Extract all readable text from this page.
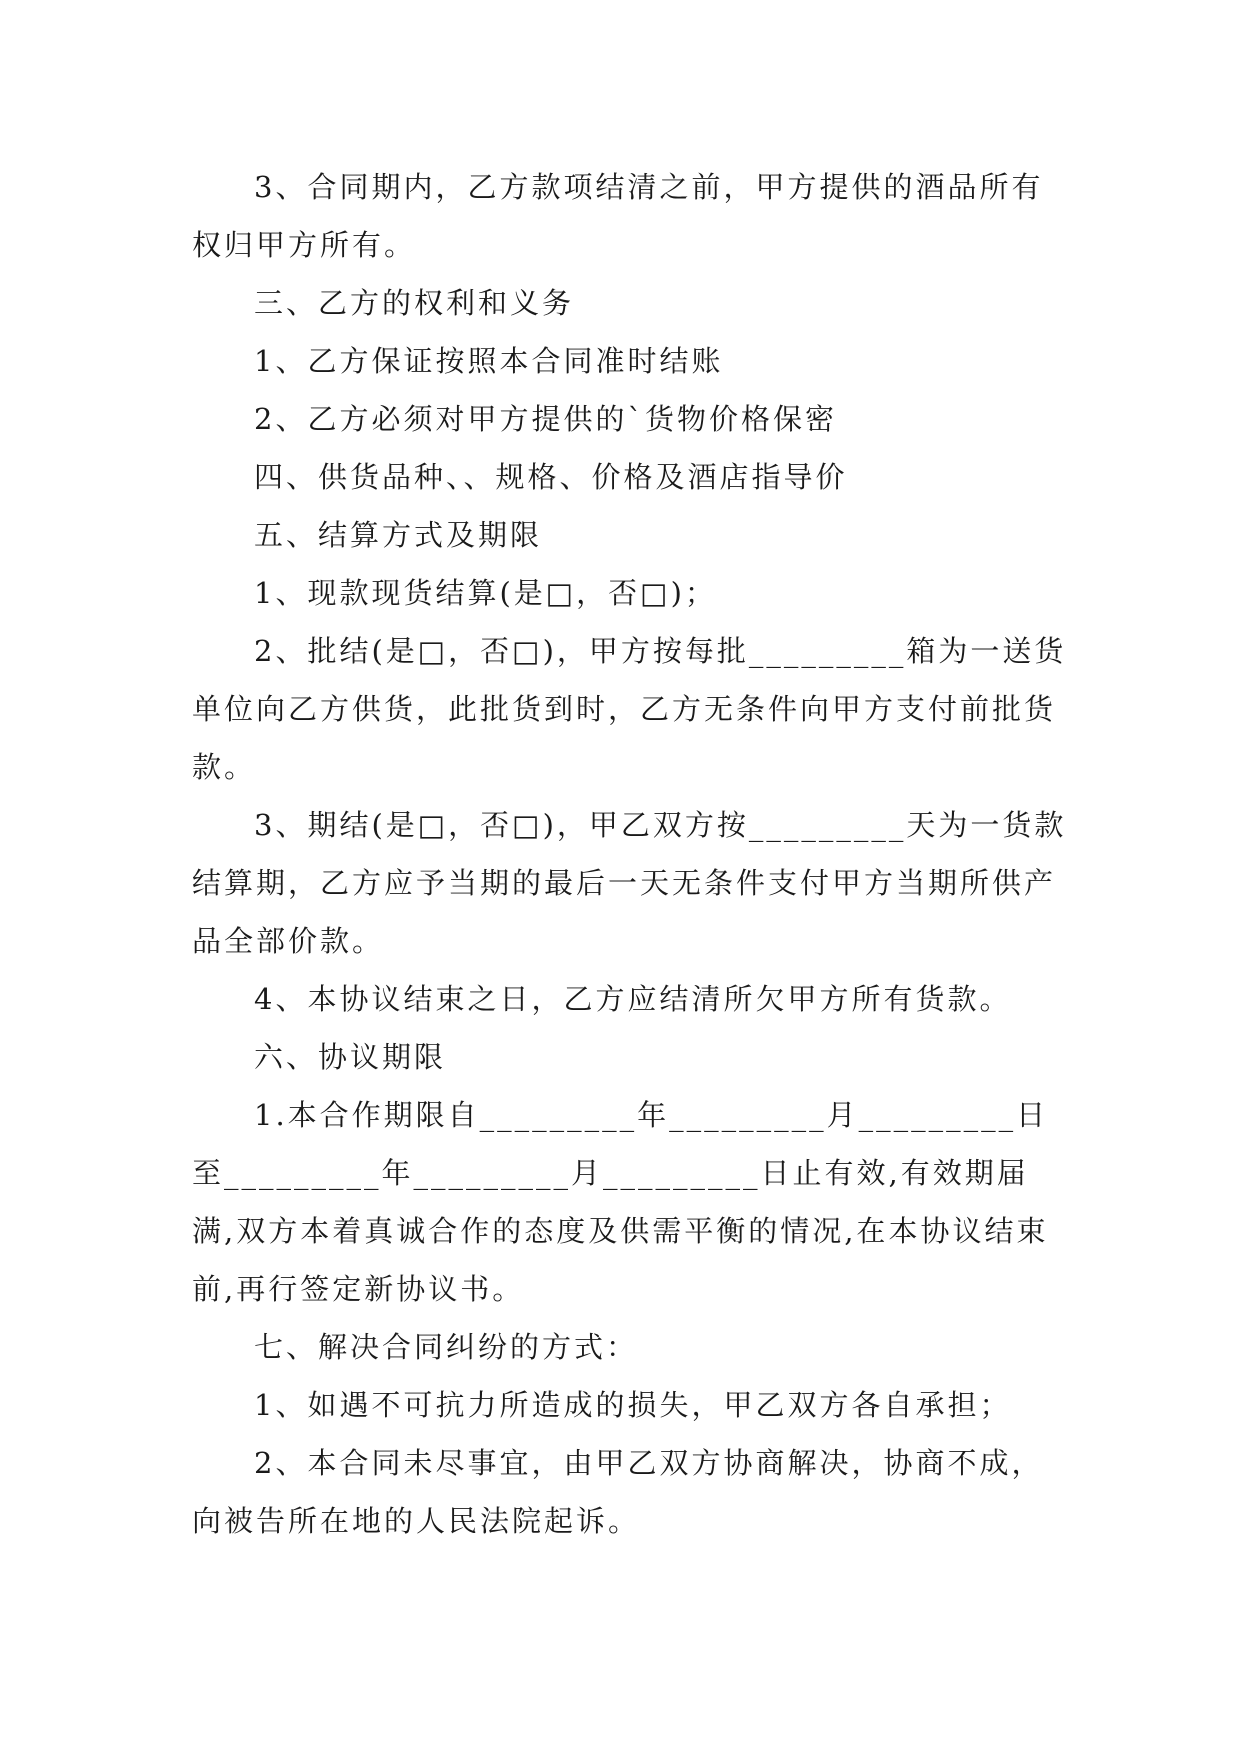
3、合同期内，乙方款项结清之前，甲方提供的酒品所有权归甲方所有。

三、乙方的权利和义务

1、乙方保证按照本合同准时结账

2、乙方必须对甲方提供的`货物价格保密

四、供货品种、、规格、价格及酒店指导价

五、结算方式及期限

1、现款现货结算(是□，否□)；

2、批结(是□，否□)，甲方按每批_________箱为一送货单位向乙方供货，此批货到时，乙方无条件向甲方支付前批货款。

3、期结(是□，否□)，甲乙双方按_________天为一货款结算期，乙方应予当期的最后一天无条件支付甲方当期所供产品全部价款。

4、本协议结束之日，乙方应结清所欠甲方所有货款。

六、协议期限

1.本合作期限自_________年_________月_________日至_________年_________月_________日止有效,有效期届满,双方本着真诚合作的态度及供需平衡的情况,在本协议结束前,再行签定新协议书。

七、解决合同纠纷的方式：

1、如遇不可抗力所造成的损失，甲乙双方各自承担；

2、本合同未尽事宜，由甲乙双方协商解决，协商不成，向被告所在地的人民法院起诉。
